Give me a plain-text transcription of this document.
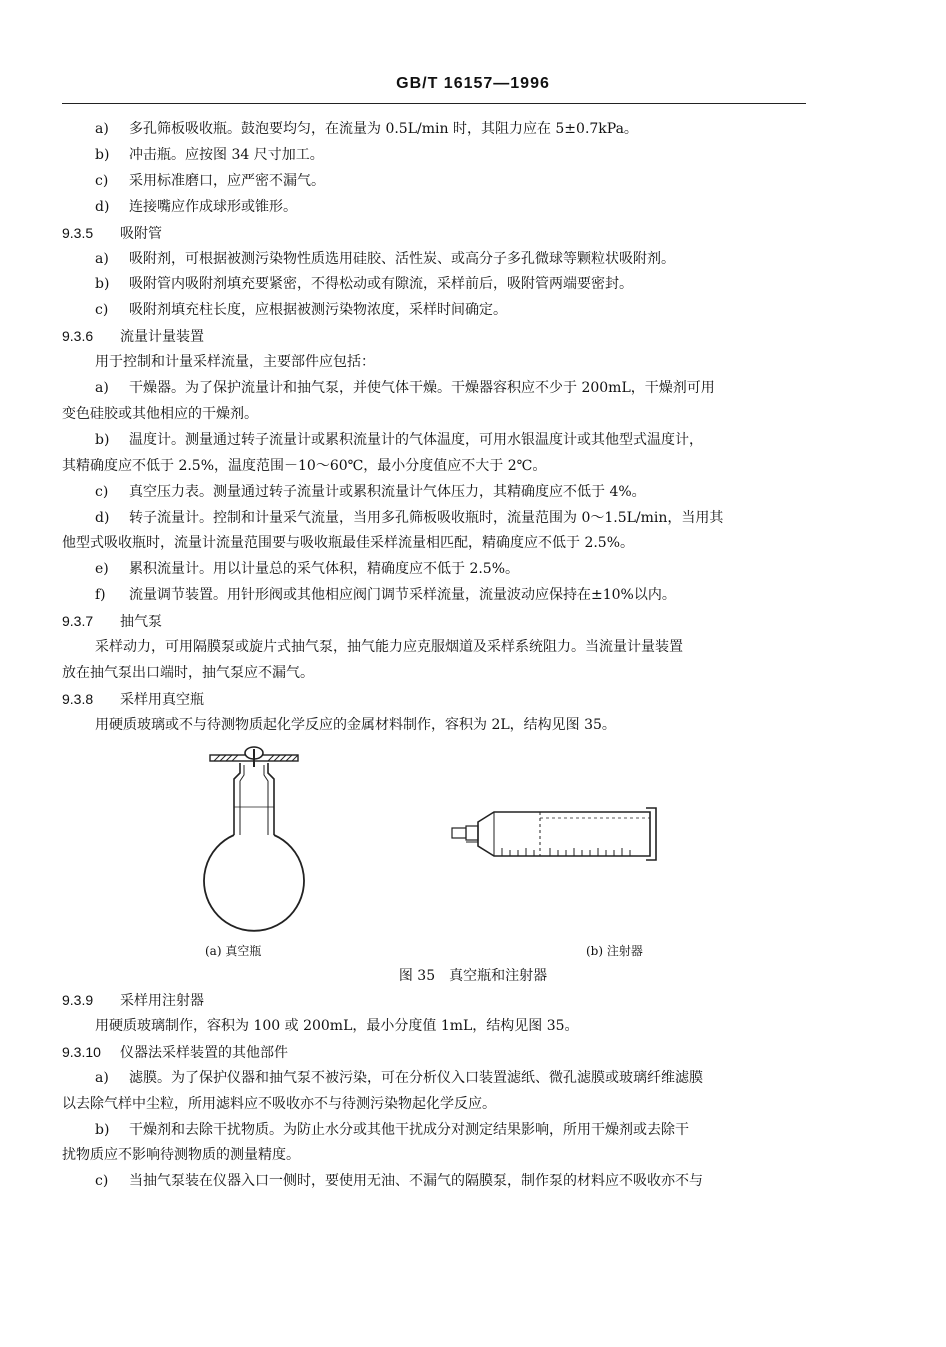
GB/T 16157—1996
a) 多孔筛板吸收瓶。鼓泡要均匀，在流量为 0.5L/min 时，其阻力应在 5±0.7kPa。
b) 冲击瓶。应按图 34 尺寸加工。
c) 采用标准磨口，应严密不漏气。
d) 连接嘴应作成球形或锥形。
9.3.5 吸附管
a) 吸附剂，可根据被测污染物性质选用硅胶、活性炭、或高分子多孔微球等颗粒状吸附剂。
b) 吸附管内吸附剂填充要紧密，不得松动或有隙流，采样前后，吸附管两端要密封。
c) 吸附剂填充柱长度，应根据被测污染物浓度，采样时间确定。
9.3.6 流量计量装置
用于控制和计量采样流量，主要部件应包括：
a) 干燥器。为了保护流量计和抽气泵，并使气体干燥。干燥器容积应不少于 200mL，干燥剂可用
变色硅胶或其他相应的干燥剂。
b) 温度计。测量通过转子流量计或累积流量计的气体温度，可用水银温度计或其他型式温度计，
其精确度应不低于 2.5%，温度范围－10～60℃，最小分度值应不大于 2℃。
c) 真空压力表。测量通过转子流量计或累积流量计气体压力，其精确度应不低于 4%。
d) 转子流量计。控制和计量采气流量，当用多孔筛板吸收瓶时，流量范围为 0～1.5L/min，当用其
他型式吸收瓶时，流量计流量范围要与吸收瓶最佳采样流量相匹配，精确度应不低于 2.5%。
e) 累积流量计。用以计量总的采气体积，精确度应不低于 2.5%。
f) 流量调节装置。用针形阀或其他相应阀门调节采样流量，流量波动应保持在±10%以内。
9.3.7 抽气泵
采样动力，可用隔膜泵或旋片式抽气泵，抽气能力应克服烟道及采样系统阻力。当流量计量装置
放在抽气泵出口端时，抽气泵应不漏气。
9.3.8 采样用真空瓶
用硬质玻璃或不与待测物质起化学反应的金属材料制作，容积为 2L，结构见图 35。
(a) 真空瓶	(b) 注射器
图 35　真空瓶和注射器
9.3.9 采样用注射器
用硬质玻璃制作，容积为 100 或 200mL，最小分度值 1mL，结构见图 35。
9.3.10 仪器法采样装置的其他部件
a) 滤膜。为了保护仪器和抽气泵不被污染，可在分析仪入口装置滤纸、微孔滤膜或玻璃纤维滤膜
以去除气样中尘粒，所用滤料应不吸收亦不与待测污染物起化学反应。
b) 干燥剂和去除干扰物质。为防止水分或其他干扰成分对测定结果影响，所用干燥剂或去除干
扰物质应不影响待测物质的测量精度。
c) 当抽气泵装在仪器入口一侧时，要使用无油、不漏气的隔膜泵，制作泵的材料应不吸收亦不与
